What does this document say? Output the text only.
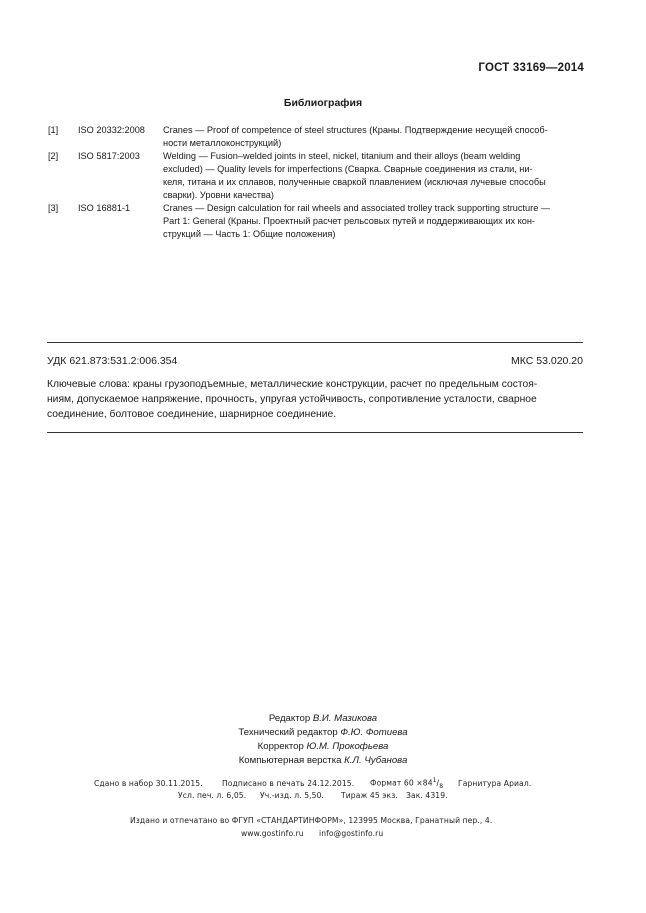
ГОСТ 33169—2014
Библиография
[1] ISO 20332:2008 Cranes — Proof of competence of steel structures (Краны. Подтверждение несущей способ-
ности металлоконструкций)
[2] ISO 5817:2003	Welding — Fusion–welded joints in steel, nickel, titanium and their alloys (beam welding
excluded) — Quality levels for imperfections (Сварка. Сварные соединения из стали, ни-
келя, титана и их сплавов, полученные сваркой плавлением (исключая лучевые способы
сварки). Уровни качества)
[3] ISO 16881-1	Cranes — Design calculation for rail wheels and associated trolley track supporting structure —
Part 1: General (Краны. Проектный расчет рельсовых путей и поддерживающих их кон-
струкций — Часть 1: Общие положения)
УДК 621.873:531.2:006.354	МКС 53.020.20
Ключевые слова: краны грузоподъемные, металлические конструкции, расчет по предельным состоя-
ниям, допускаемое напряжение, прочность, упругая устойчивость, сопротивление усталости, сварное
соединение, болтовое соединение, шарнирное соединение.
Редактор В.И. Мазикова
Технический редактор Ф.Ю. Фотиева
Корректор Ю.М. Прокофьева
Компьютерная верстка К.Л. Чубанова
Сдано в набор 30.11.2015.	Подписано в печать 24.12.2015. Формат $60 \times 84^1/_8$ Гарнитура Ариал.
Усл. печ. л. 6,05. Уч.-изд. л. 5,50. Тираж 45 экз. Зак. 4319.
Издано и отпечатано во ФГУП «СТАНДАРТИНФОРМ», 123995 Москва, Гранатный пер., 4.
www.gostinfo.ru info@gostinfo.ru
